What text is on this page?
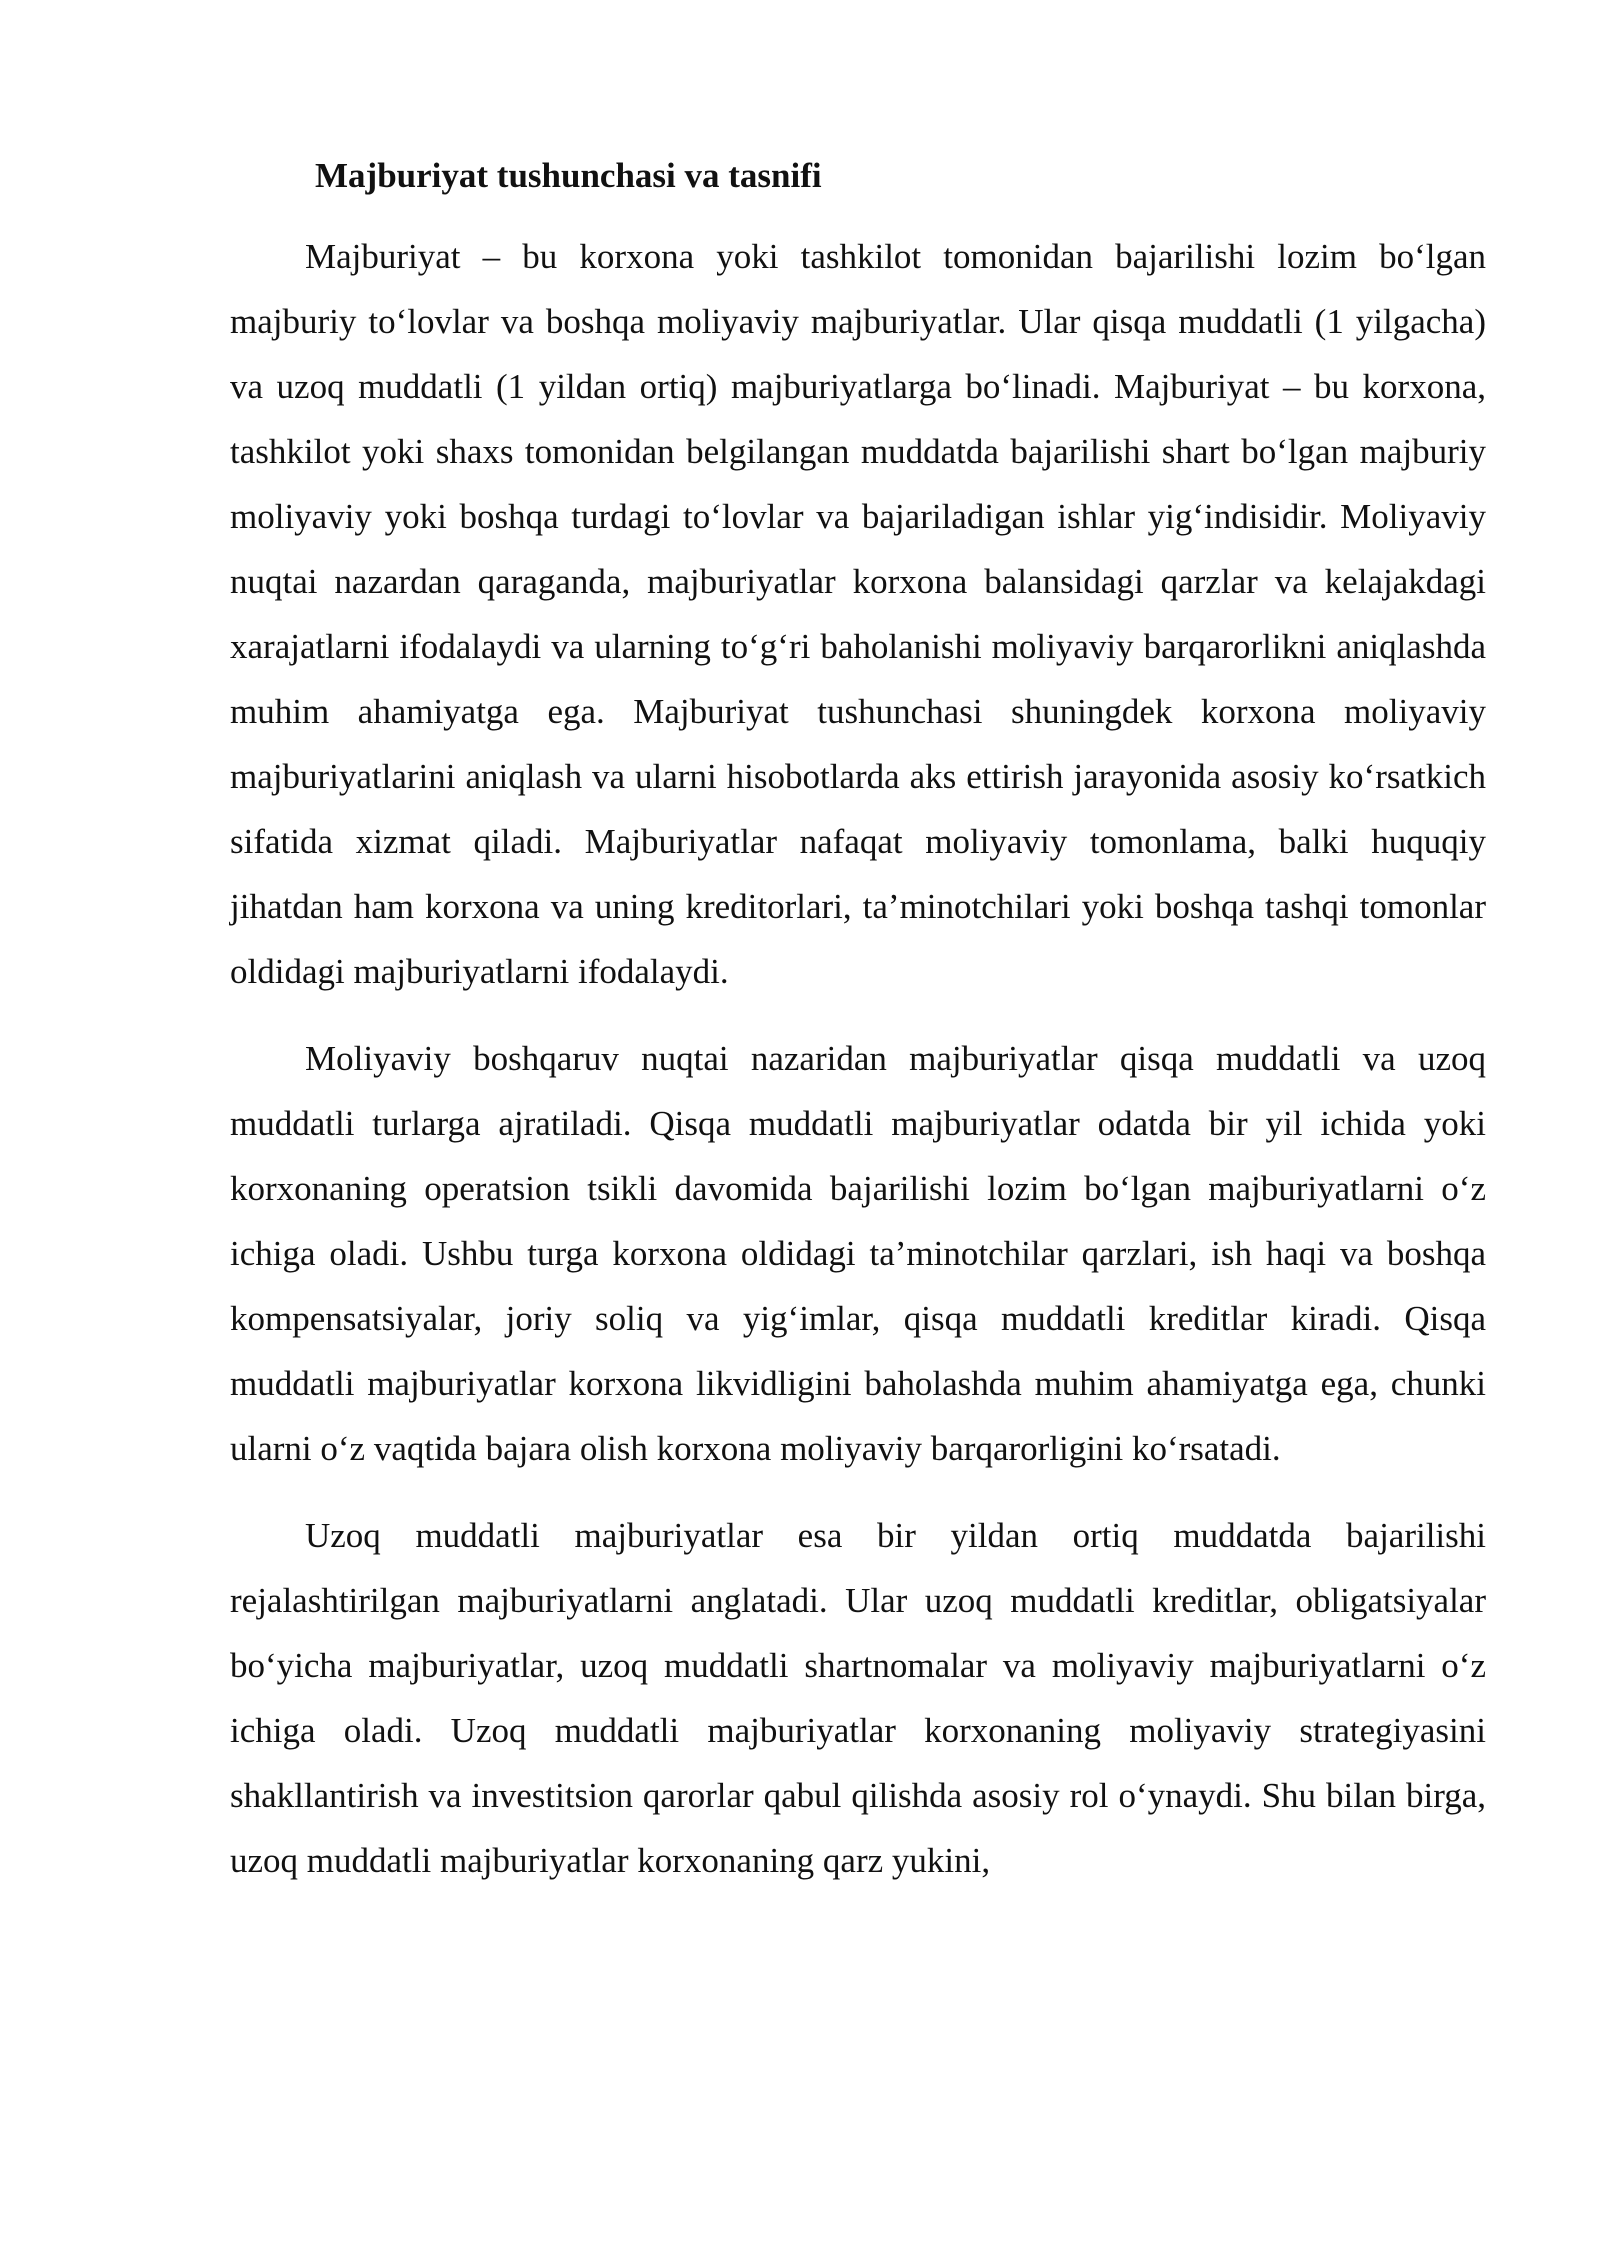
Majburiyat tushunchasi va tasnifi

Majburiyat – bu korxona yoki tashkilot tomonidan bajarilishi lozim bo‘lgan majburiy to‘lovlar va boshqa moliyaviy majburiyatlar. Ular qisqa muddatli (1 yilgacha) va uzoq muddatli (1 yildan ortiq) majburiyatlarga bo‘linadi. Majburiyat – bu korxona, tashkilot yoki shaxs tomonidan belgilangan muddatda bajarilishi shart bo‘lgan majburiy moliyaviy yoki boshqa turdagi to‘lovlar va bajariladigan ishlar yig‘indisidir. Moliyaviy nuqtai nazardan qaraganda, majburiyatlar korxona balansidagi qarzlar va kelajakdagi xarajatlarni ifodalaydi va ularning to‘g‘ri baholanishi moliyaviy barqarorlikni aniqlashda muhim ahamiyatga ega. Majburiyat tushunchasi shuningdek korxona moliyaviy majburiyatlarini aniqlash va ularni hisobotlarda aks ettirish jarayonida asosiy ko‘rsatkich sifatida xizmat qiladi. Majburiyatlar nafaqat moliyaviy tomonlama, balki huquqiy jihatdan ham korxona va uning kreditorlari, ta’minotchilari yoki boshqa tashqi tomonlar oldidagi majburiyatlarni ifodalaydi.

Moliyaviy boshqaruv nuqtai nazaridan majburiyatlar qisqa muddatli va uzoq muddatli turlarga ajratiladi. Qisqa muddatli majburiyatlar odatda bir yil ichida yoki korxonaning operatsion tsikli davomida bajarilishi lozim bo‘lgan majburiyatlarni o‘z ichiga oladi. Ushbu turga korxona oldidagi ta’minotchilar qarzlari, ish haqi va boshqa kompensatsiyalar, joriy soliq va yig‘imlar, qisqa muddatli kreditlar kiradi. Qisqa muddatli majburiyatlar korxona likvidligini baholashda muhim ahamiyatga ega, chunki ularni o‘z vaqtida bajara olish korxona moliyaviy barqarorligini ko‘rsatadi.

Uzoq muddatli majburiyatlar esa bir yildan ortiq muddatda bajarilishi rejalashtirilgan majburiyatlarni anglatadi. Ular uzoq muddatli kreditlar, obligatsiyalar bo‘yicha majburiyatlar, uzoq muddatli shartnomalar va moliyaviy majburiyatlarni o‘z ichiga oladi. Uzoq muddatli majburiyatlar korxonaning moliyaviy strategiyasini shakllantirish va investitsion qarorlar qabul qilishda asosiy rol o‘ynaydi. Shu bilan birga, uzoq muddatli majburiyatlar korxonaning qarz yukini,
